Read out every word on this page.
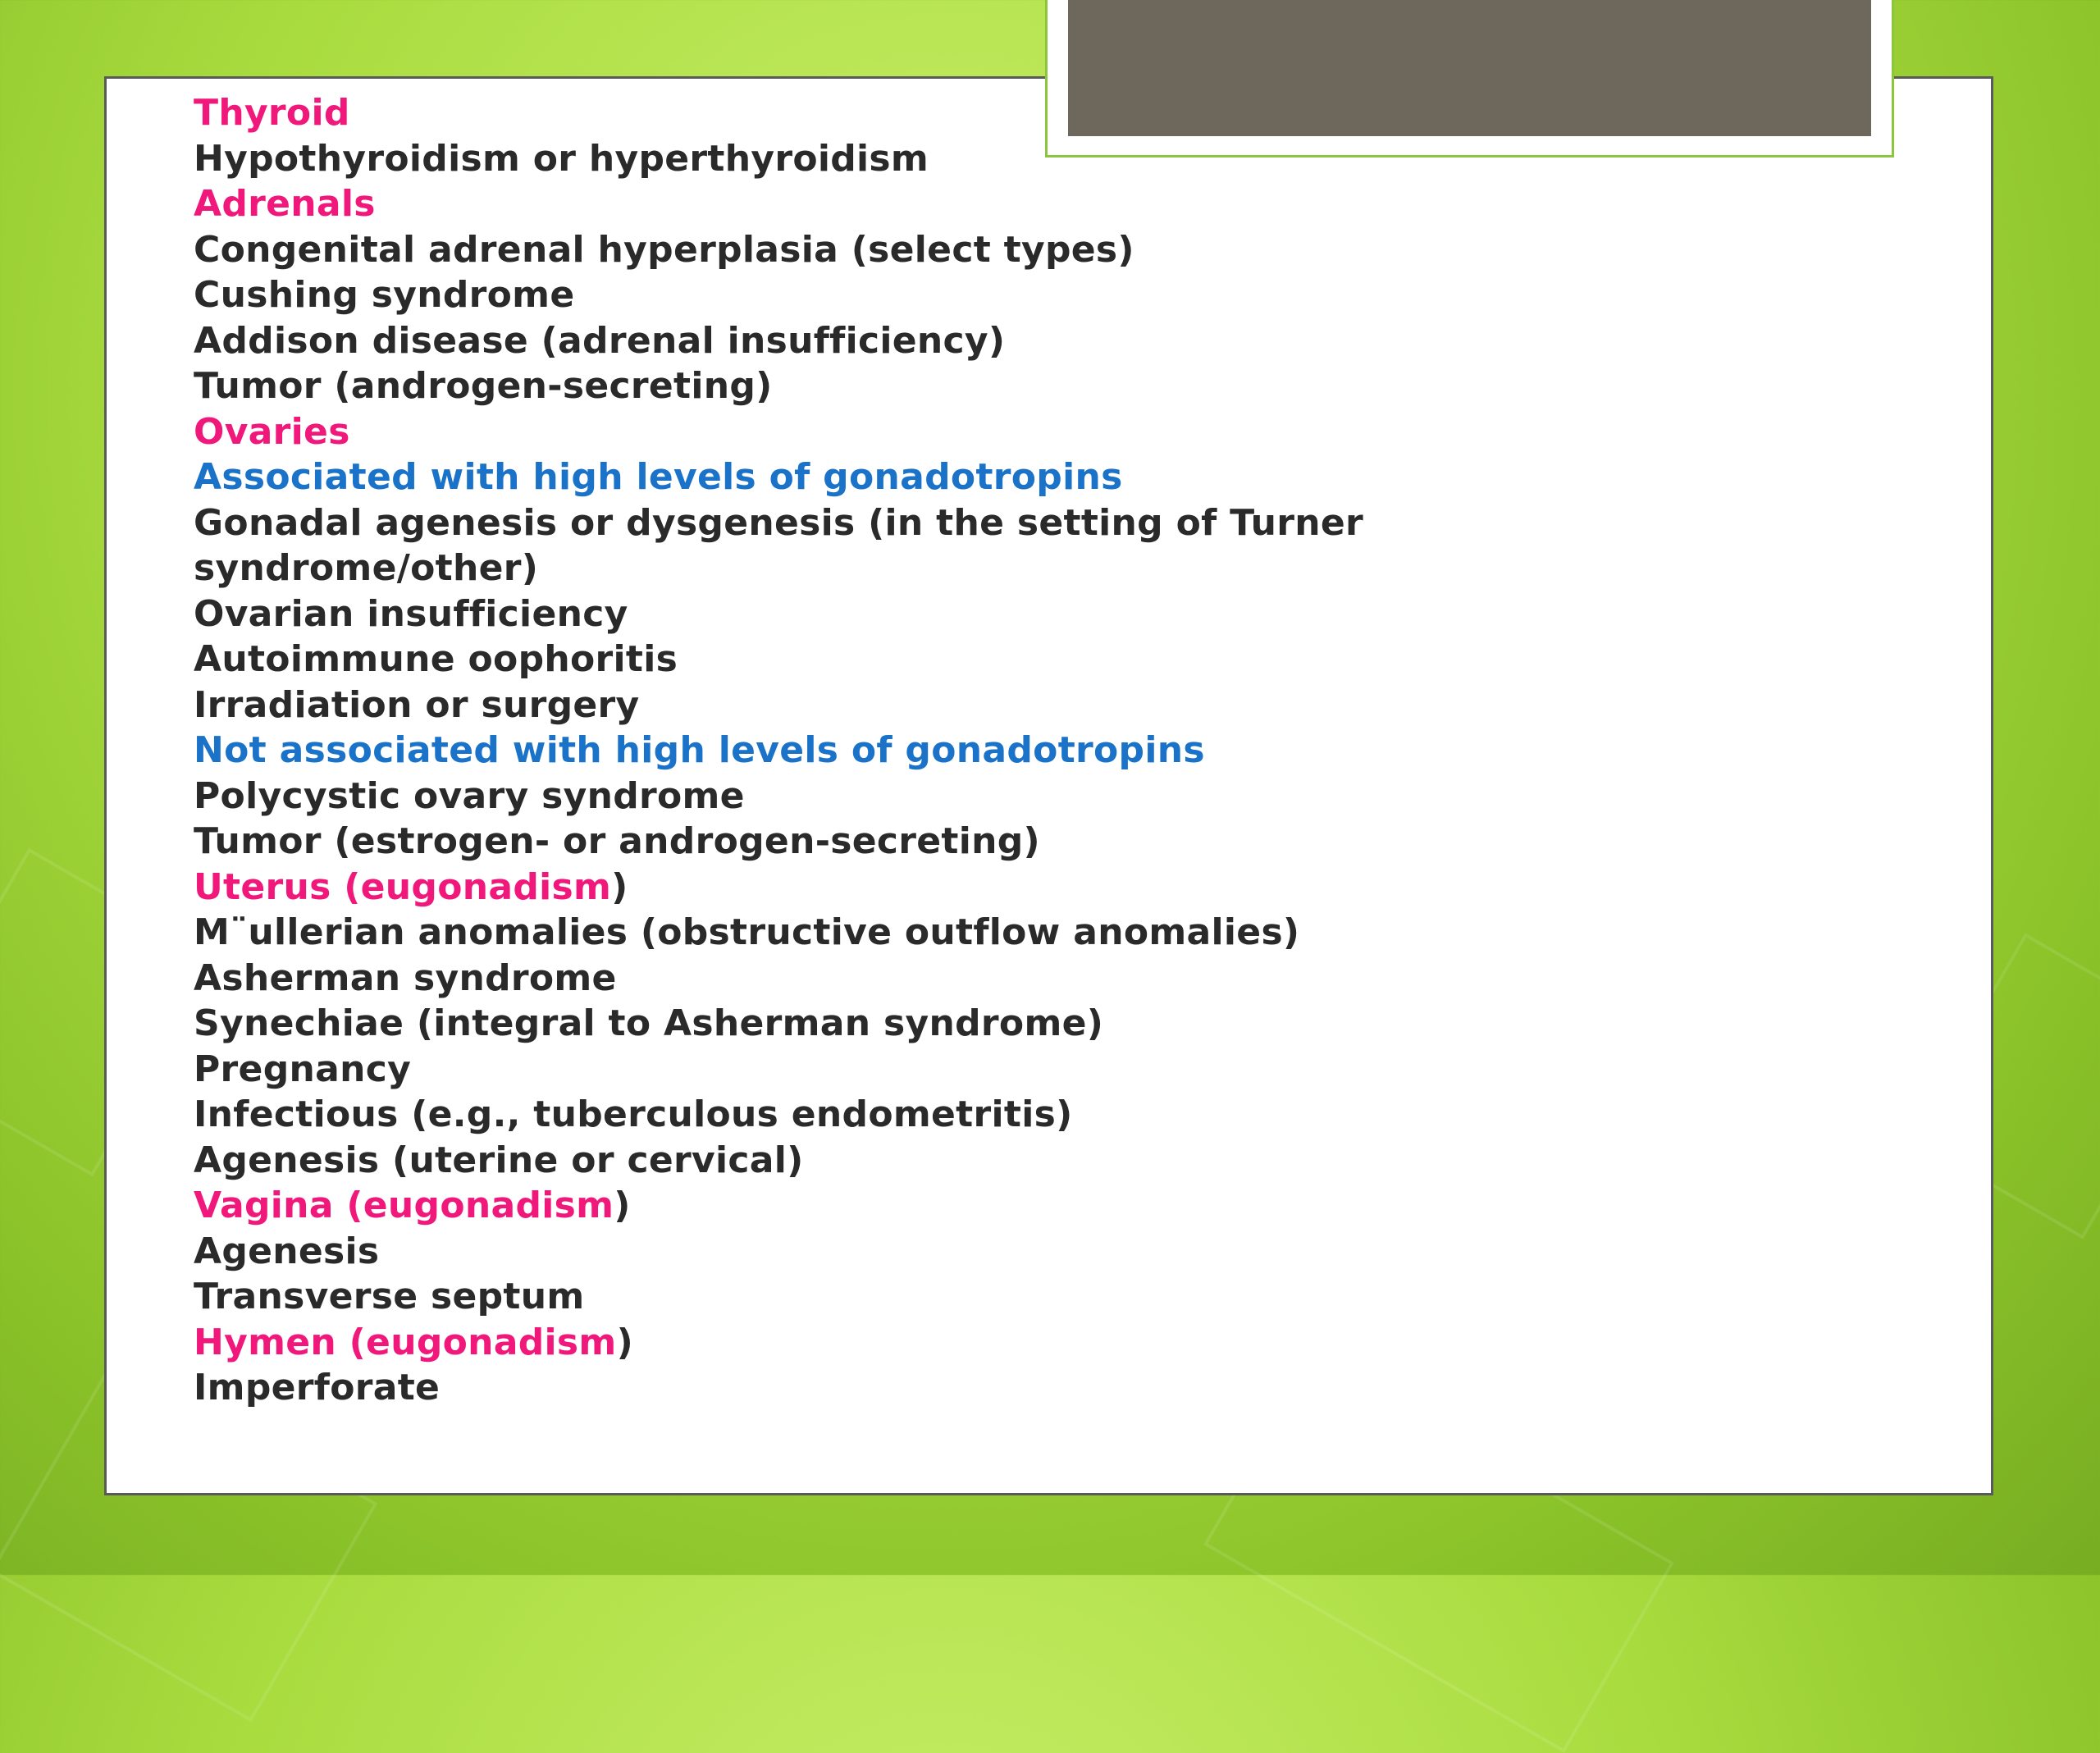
Thyroid
Hypothyroidism or hyperthyroidism
Adrenals
Congenital adrenal hyperplasia (select types)
Cushing syndrome
Addison disease (adrenal insufficiency)
Tumor (androgen-secreting)
Ovaries
Associated with high levels of gonadotropins
Gonadal agenesis or dysgenesis (in the setting of Turner
syndrome/other)
Ovarian insufficiency
Autoimmune oophoritis
Irradiation or surgery
Not associated with high levels of gonadotropins
Polycystic ovary syndrome
Tumor (estrogen- or androgen-secreting)
Uterus (eugonadism)
M¨ullerian anomalies (obstructive outflow anomalies)
Asherman syndrome
Synechiae (integral to Asherman syndrome)
Pregnancy
Infectious (e.g., tuberculous endometritis)
Agenesis (uterine or cervical)
Vagina (eugonadism)
Agenesis
Transverse septum
Hymen (eugonadism)
Imperforate
